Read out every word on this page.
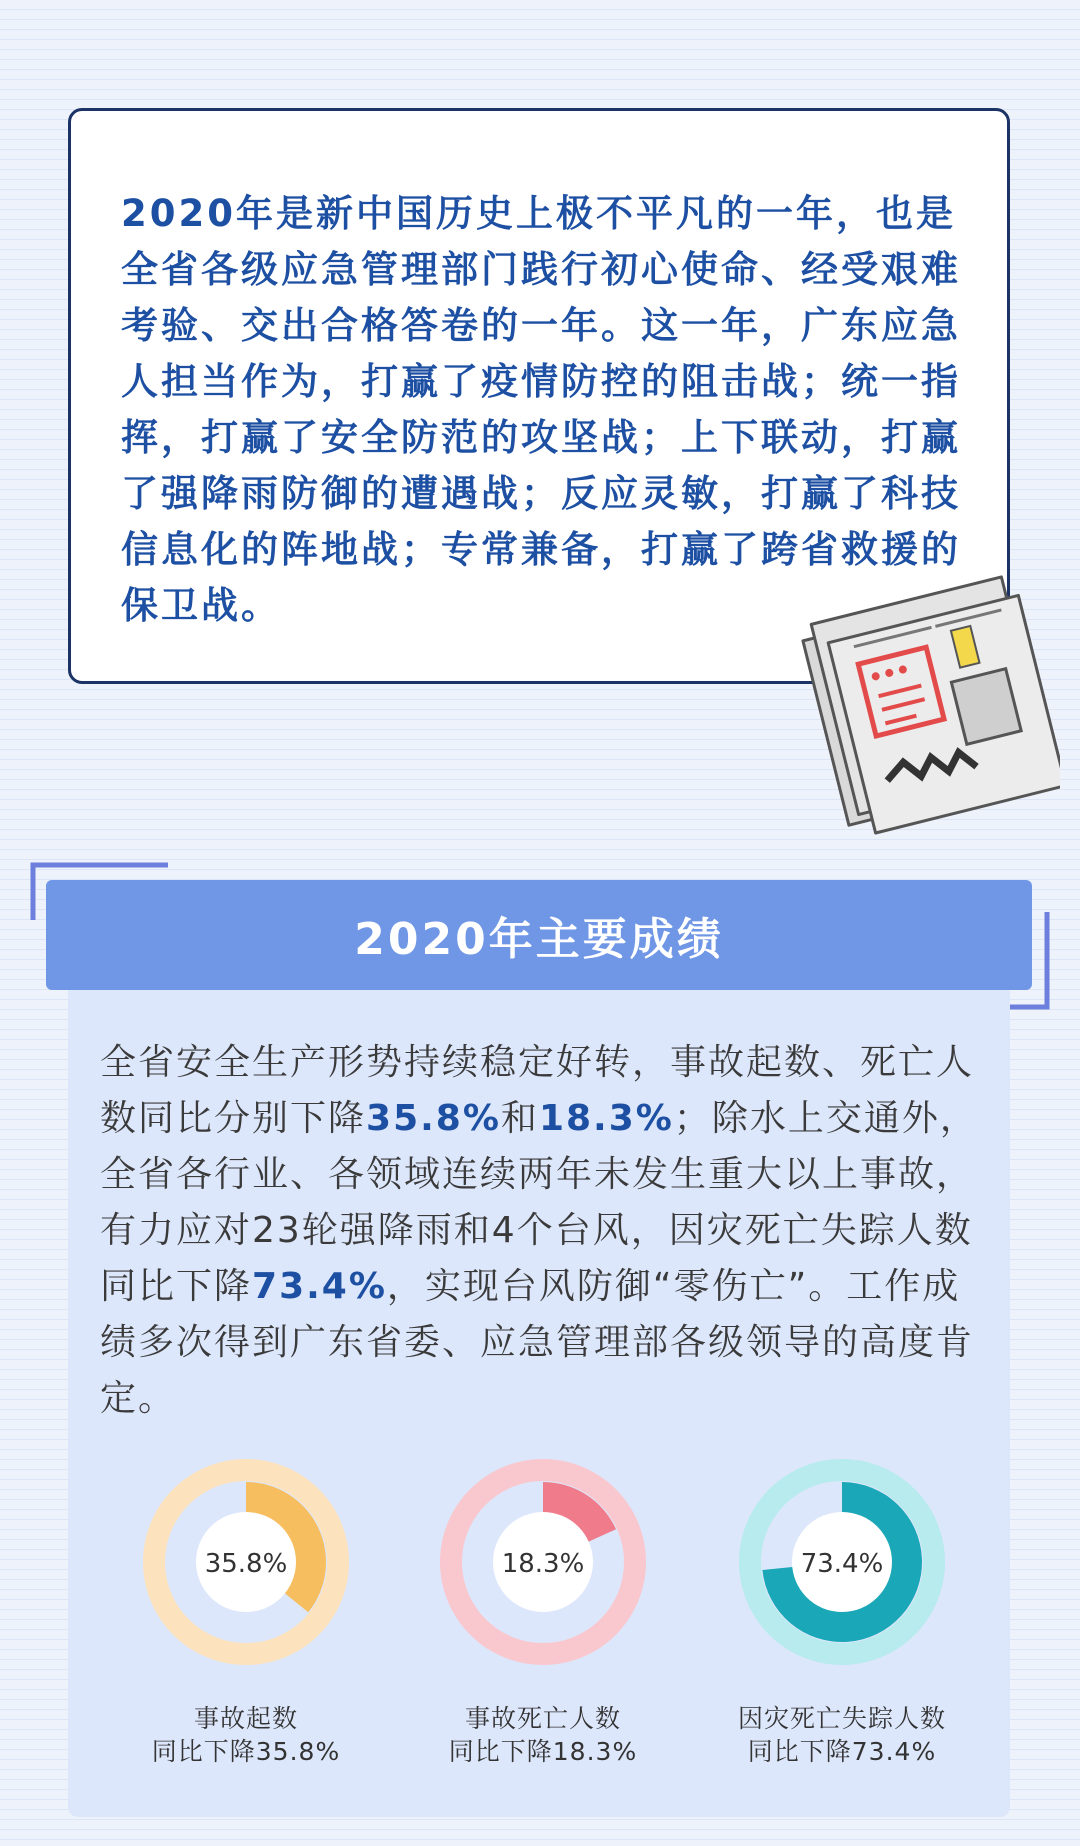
2020年是新中国历史上极不平凡的一年，也是全省各级应急管理部门践行初心使命、经受艰难考验、交出合格答卷的一年。这一年，广东应急人担当作为，打赢了疫情防控的阻击战；统一指挥，打赢了安全防范的攻坚战；上下联动，打赢了强降雨防御的遭遇战；反应灵敏，打赢了科技信息化的阵地战；专常兼备，打赢了跨省救援的保卫战。

2020年主要成绩

全省安全生产形势持续稳定好转，事故起数、死亡人数同比分别下降35.8%和18.3%；除水上交通外，全省各行业、各领域连续两年未发生重大以上事故，有力应对23轮强降雨和4个台风，因灾死亡失踪人数同比下降73.4%，实现台风防御“零伤亡”。工作成绩多次得到广东省委、应急管理部各级领导的高度肯定。

35.8%
事故起数
同比下降35.8%
18.3%
事故死亡人数
同比下降18.3%
73.4%
因灾死亡失踪人数
同比下降73.4%
